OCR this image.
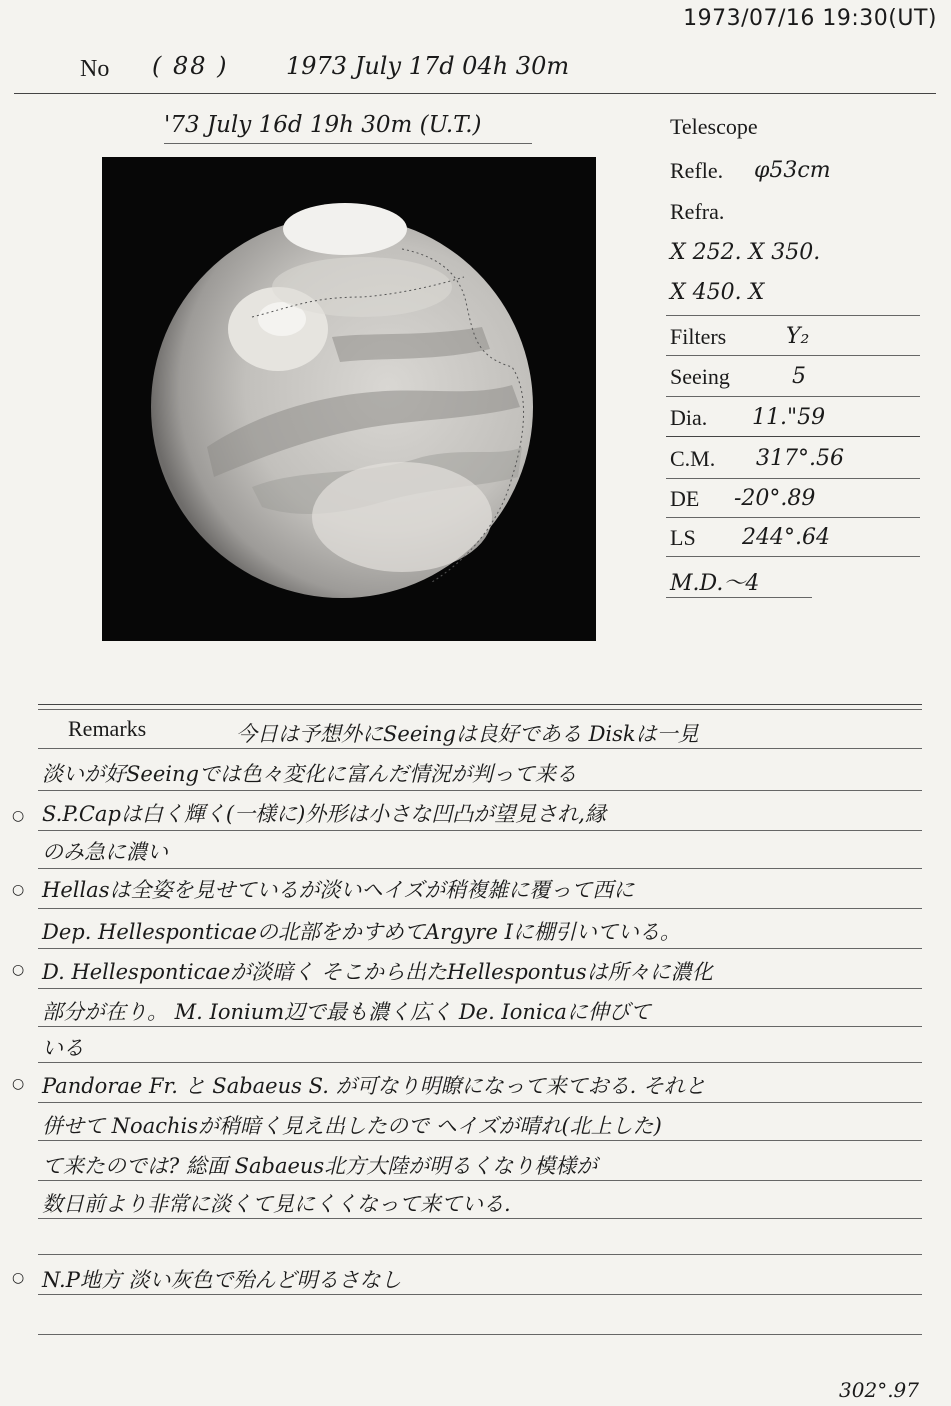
1973/07/16 19:30(UT)
No ( 88 ) 1973 July 17d 04h 30m
'73 July 16d 19h 30m (U.T.)	Telescope
Refle. φ53cm
Refra.
X 252. X 350.
X 450. X
Filters	Y₂
Seeing	5
Dia. 11."59
C.M. 317°.56
DE -20°.89
LS 244°.64
M.D.〜4
Remarks	今日は予想外にSeeingは良好である Diskは一見
淡いが好Seeingでは色々変化に富んだ情況が判って来る
○ S.P.Capは白く輝く(一様に)外形は小さな凹凸が望見され,縁
のみ急に濃い
○ Hellasは全姿を見せているが淡いヘイズが稍複雑に覆って西に
Dep. Hellesponticaeの北部をかすめてArgyre Iに棚引いている。
○ D. Hellesponticaeが淡暗く そこから出たHellespontusは所々に濃化
部分が在り。 M. Ionium辺で最も濃く広く De. Ionicaに伸びて
いる
○ Pandorae Fr. と Sabaeus S. が可なり明瞭になって来ておる. それと
併せて Noachisが稍暗く見え出したので ヘイズが晴れ(北上した)
て来たのでは? 総面 Sabaeus北方大陸が明るくなり模様が
数日前より非常に淡くて見にくくなって来ている.
○ N.P地方 淡い灰色で殆んど明るさなし
302°.97
